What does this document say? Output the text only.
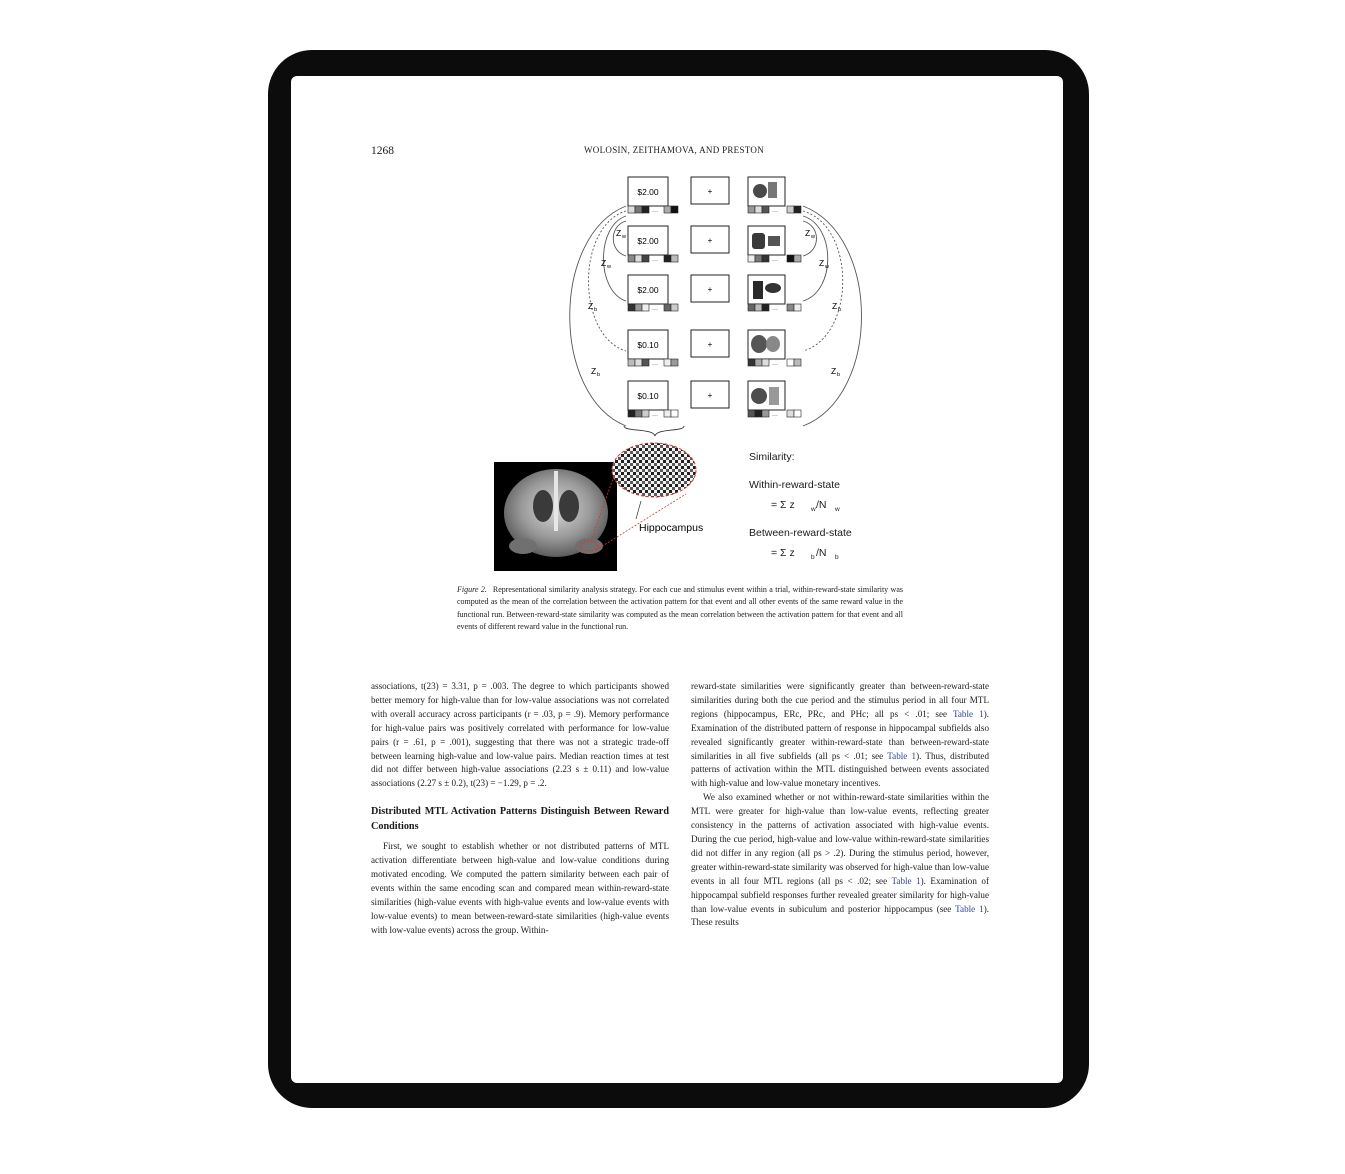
1268	WOLOSIN, ZEITHAMOVA, AND PRESTON
$2.00
···
$2.00
···
$2.00
···
$0.10
···
$0.10
···
+
+
+
+
+
···
···
···
···
···
Z w
Z w
Z b
Z b
Z w
Z w
Z b
Z b
Hippocampus
Similarity:
Within-reward-state
= Σ z	w /N w
Between-reward-state
= Σ z	b /N b
Figure 2. Representational similarity analysis strategy. For each cue and stimulus event within a trial, within-reward-state similarity was computed as the mean of the correlation between the activation pattern for that event and all other events of the same reward value in the functional run. Between-reward-state similarity was computed as the mean correlation between the activation pattern for that event and all events of different reward value in the functional run.

associations, t(23) = 3.31, p = .003. The degree to which participants showed better memory for high-value than for low-value associations was not correlated with overall accuracy across participants (r = .03, p = .9). Memory performance for high-value pairs was positively correlated with performance for low-value pairs (r = .61, p = .001), suggesting that there was not a strategic trade-off between learning high-value and low-value pairs. Median reaction times at test did not differ between high-value associations (2.23 s ± 0.11) and low-value associations (2.27 s ± 0.2), t(23) = −1.29, p = .2.

Distributed MTL Activation Patterns Distinguish Between Reward Conditions

First, we sought to establish whether or not distributed patterns of MTL activation differentiate between high-value and low-value conditions during motivated encoding. We computed the pattern similarity between each pair of events within the same encoding scan and compared mean within-reward-state similarities (high-value events with high-value events and low-value events with low-value events) to mean between-reward-state similarities (high-value events with low-value events) across the group. Within-

reward-state similarities were significantly greater than between-reward-state similarities during both the cue period and the stimulus period in all four MTL regions (hippocampus, ERc, PRc, and PHc; all ps < .01; see Table 1). Examination of the distributed pattern of response in hippocampal subfields also revealed significantly greater within-reward-state than between-reward-state similarities in all five subfields (all ps < .01; see Table 1). Thus, distributed patterns of activation within the MTL distinguished between events associated with high-value and low-value monetary incentives.

We also examined whether or not within-reward-state similarities within the MTL were greater for high-value than low-value events, reflecting greater consistency in the patterns of activation associated with high-value events. During the cue period, high-value and low-value within-reward-state similarities did not differ in any region (all ps > .2). During the stimulus period, however, greater within-reward-state similarity was observed for high-value than low-value events in all four MTL regions (all ps < .02; see Table 1). Examination of hippocampal subfield responses further revealed greater similarity for high-value than low-value events in subiculum and posterior hippocampus (see Table 1). These results
